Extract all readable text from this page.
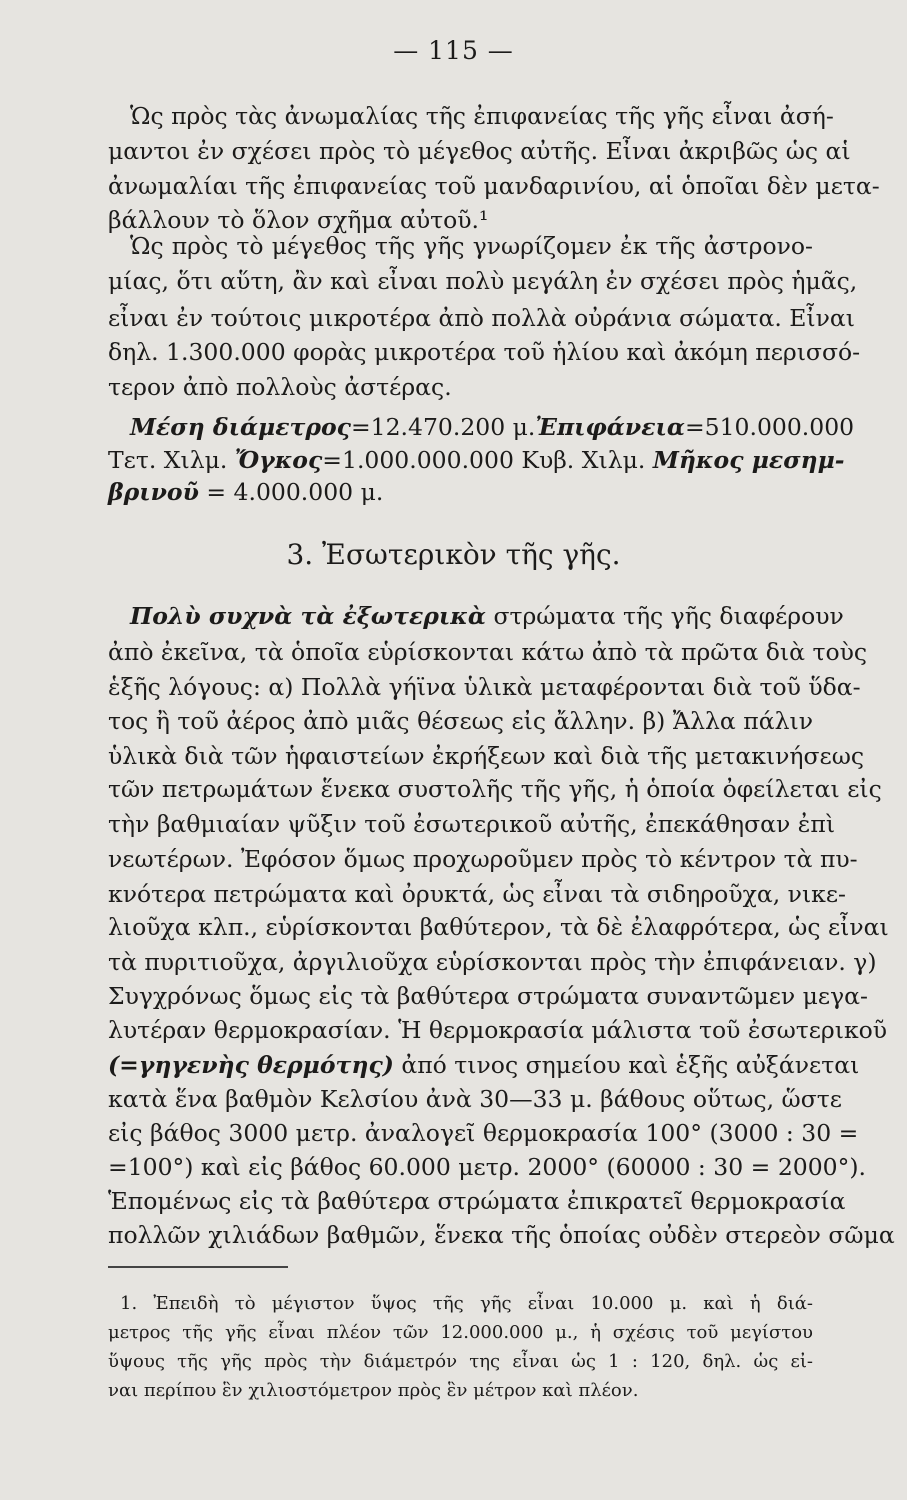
— 115 —
Ὡς πρὸς τὰς ἀνωμαλίας τῆς ἐπιφανείας τῆς γῆς εἶναι ἀσή-
μαντοι ἐν σχέσει πρὸς τὸ μέγεθος αὐτῆς. Εἶναι ἀκριβῶς ὡς αἱ
ἀνωμαλίαι τῆς ἐπιφανείας τοῦ μανδαρινίου, αἱ ὁποῖαι δὲν μετα-
βάλλουν τὸ ὅλον σχῆμα αὐτοῦ.¹
Ὡς πρὸς τὸ μέγεθος τῆς γῆς γνωρίζομεν ἐκ τῆς ἀστρονο-
μίας, ὅτι αὕτη, ἂν καὶ εἶναι πολὺ μεγάλη ἐν σχέσει πρὸς ἡμᾶς,
εἶναι ἐν τούτοις μικροτέρα ἀπὸ πολλὰ οὐράνια σώματα. Εἶναι
δηλ. 1.300.000 φορὰς μικροτέρα τοῦ ἡλίου καὶ ἀκόμη περισσό-
τερον ἀπὸ πολλοὺς ἀστέρας.
Μέση διάμετρος=12.470.200 μ.Ἐπιφάνεια=510.000.000
Τετ. Χιλμ. Ὄγκος=1.000.000.000 Κυβ. Χιλμ. Μῆκος μεσημ-
βρινοῦ = 4.000.000 μ.
3. Ἐσωτερικὸν τῆς γῆς.
Πολὺ συχνὰ τὰ ἐξωτερικὰ στρώματα τῆς γῆς διαφέρουν
ἀπὸ ἐκεῖνα, τὰ ὁποῖα εὑρίσκονται κάτω ἀπὸ τὰ πρῶτα διὰ τοὺς
ἑξῆς λόγους: α) Πολλὰ γήϊνα ὑλικὰ μεταφέρονται διὰ τοῦ ὕδα-
τος ἢ τοῦ ἀέρος ἀπὸ μιᾶς θέσεως εἰς ἄλλην. β) Ἄλλα πάλιν
ὑλικὰ διὰ τῶν ἡφαιστείων ἐκρήξεων καὶ διὰ τῆς μετακινήσεως
τῶν πετρωμάτων ἕνεκα συστολῆς τῆς γῆς, ἡ ὁποία ὀφείλεται εἰς
τὴν βαθμιαίαν ψῦξιν τοῦ ἐσωτερικοῦ αὐτῆς, ἐπεκάθησαν ἐπὶ
νεωτέρων. Ἐφόσον ὅμως προχωροῦμεν πρὸς τὸ κέντρον τὰ πυ-
κνότερα πετρώματα καὶ ὀρυκτά, ὡς εἶναι τὰ σιδηροῦχα, νικε-
λιοῦχα κλπ., εὑρίσκονται βαθύτερον, τὰ δὲ ἐλαφρότερα, ὡς εἶναι
τὰ πυριτιοῦχα, ἀργιλιοῦχα εὑρίσκονται πρὸς τὴν ἐπιφάνειαν. γ)
Συγχρόνως ὅμως εἰς τὰ βαθύτερα στρώματα συναντῶμεν μεγα-
λυτέραν θερμοκρασίαν. Ἡ θερμοκρασία μάλιστα τοῦ ἐσωτερικοῦ
(=γηγενὴς θερμότης) ἀπό τινος σημείου καὶ ἑξῆς αὐξάνεται
κατὰ ἕνα βαθμὸν Κελσίου ἀνὰ 30—33 μ. βάθους οὕτως, ὥστε
εἰς βάθος 3000 μετρ. ἀναλογεῖ θερμοκρασία 100° (3000 : 30 =
=100°) καὶ εἰς βάθος 60.000 μετρ. 2000° (60000 : 30 = 2000°).
Ἑπομένως εἰς τὰ βαθύτερα στρώματα ἐπικρατεῖ θερμοκρασία
πολλῶν χιλιάδων βαθμῶν, ἕνεκα τῆς ὁποίας οὐδὲν στερεὸν σῶμα
1. Ἐπειδὴ τὸ μέγιστον ὕψος τῆς γῆς εἶναι 10.000 μ. καὶ ἡ διά-
μετρος τῆς γῆς εἶναι πλέον τῶν 12.000.000 μ., ἡ σχέσις τοῦ μεγίστου
ὕψους τῆς γῆς πρὸς τὴν διάμετρόν της εἶναι ὡς 1 : 120, δηλ. ὡς εἰ-
ναι περίπου ἓν χιλιοστόμετρον πρὸς ἓν μέτρον καὶ πλέον.
